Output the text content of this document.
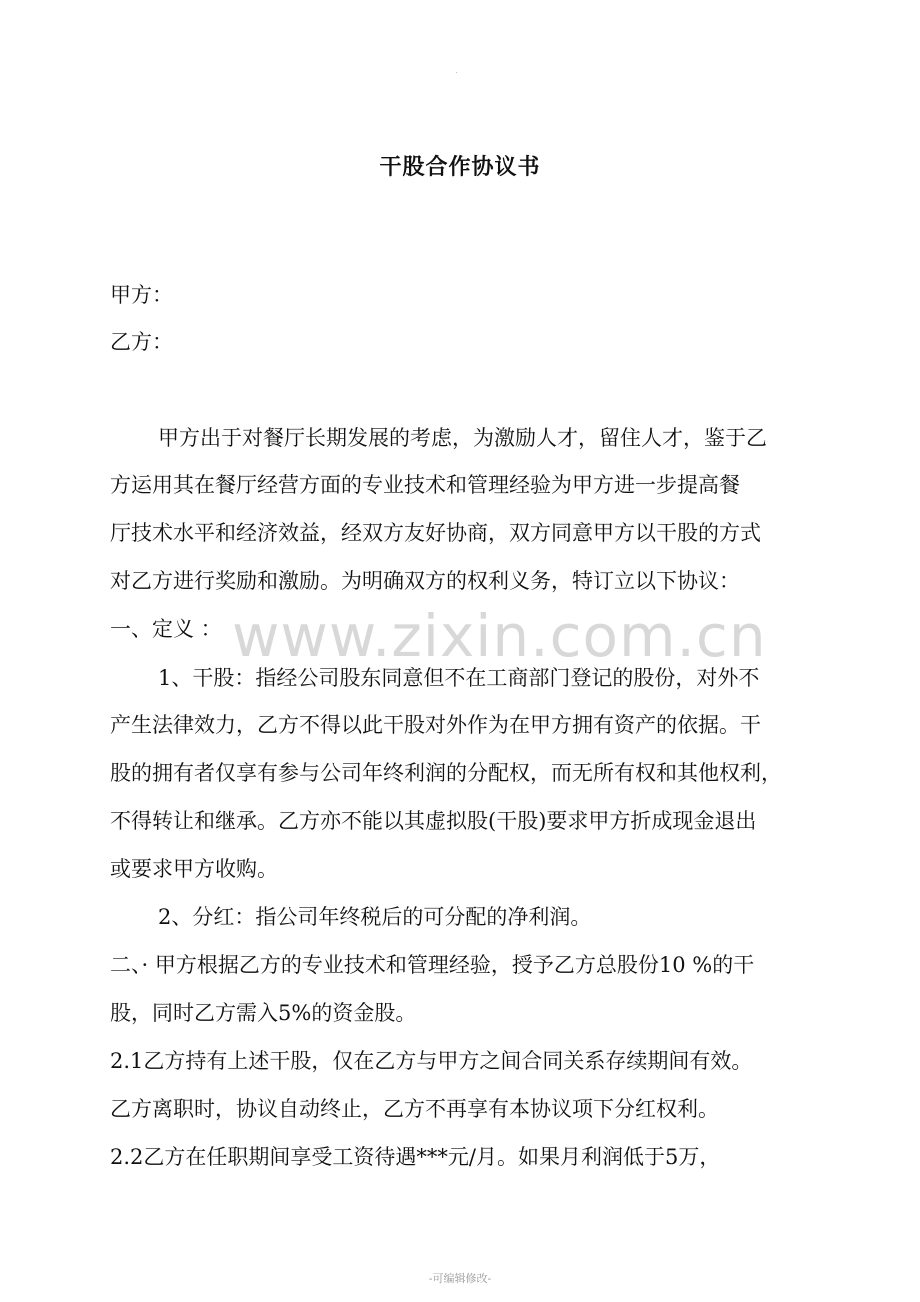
.
干股合作协议书
甲方：
乙方：
甲方出于对餐厅长期发展的考虑，为激励人才，留住人才，鉴于乙
方运用其在餐厅经营方面的专业技术和管理经验为甲方进一步提高餐
厅技术水平和经济效益，经双方友好协商，双方同意甲方以干股的方式
对乙方进行奖励和激励。为明确双方的权利义务，特订立以下协议：
一、定义 ： www.zixin.com.cn
1、干股：指经公司股东同意但不在工商部门登记的股份，对外不
产生法律效力，乙方不得以此干股对外作为在甲方拥有资产的依据。干
股的拥有者仅享有参与公司年终利润的分配权，而无所有权和其他权利，
不得转让和继承。乙方亦不能以其虚拟股(干股)要求甲方折成现金退出
或要求甲方收购。
2、分红：指公司年终税后的可分配的净利润。
二、· 甲方根据乙方的专业技术和管理经验，授予乙方总股份10 %的干
股，同时乙方需入5%的资金股。
2.1乙方持有上述干股，仅在乙方与甲方之间合同关系存续期间有效。
乙方离职时，协议自动终止，乙方不再享有本协议项下分红权利。
2.2乙方在任职期间享受工资待遇***元/月。如果月利润低于5万，
-可编辑修改-
